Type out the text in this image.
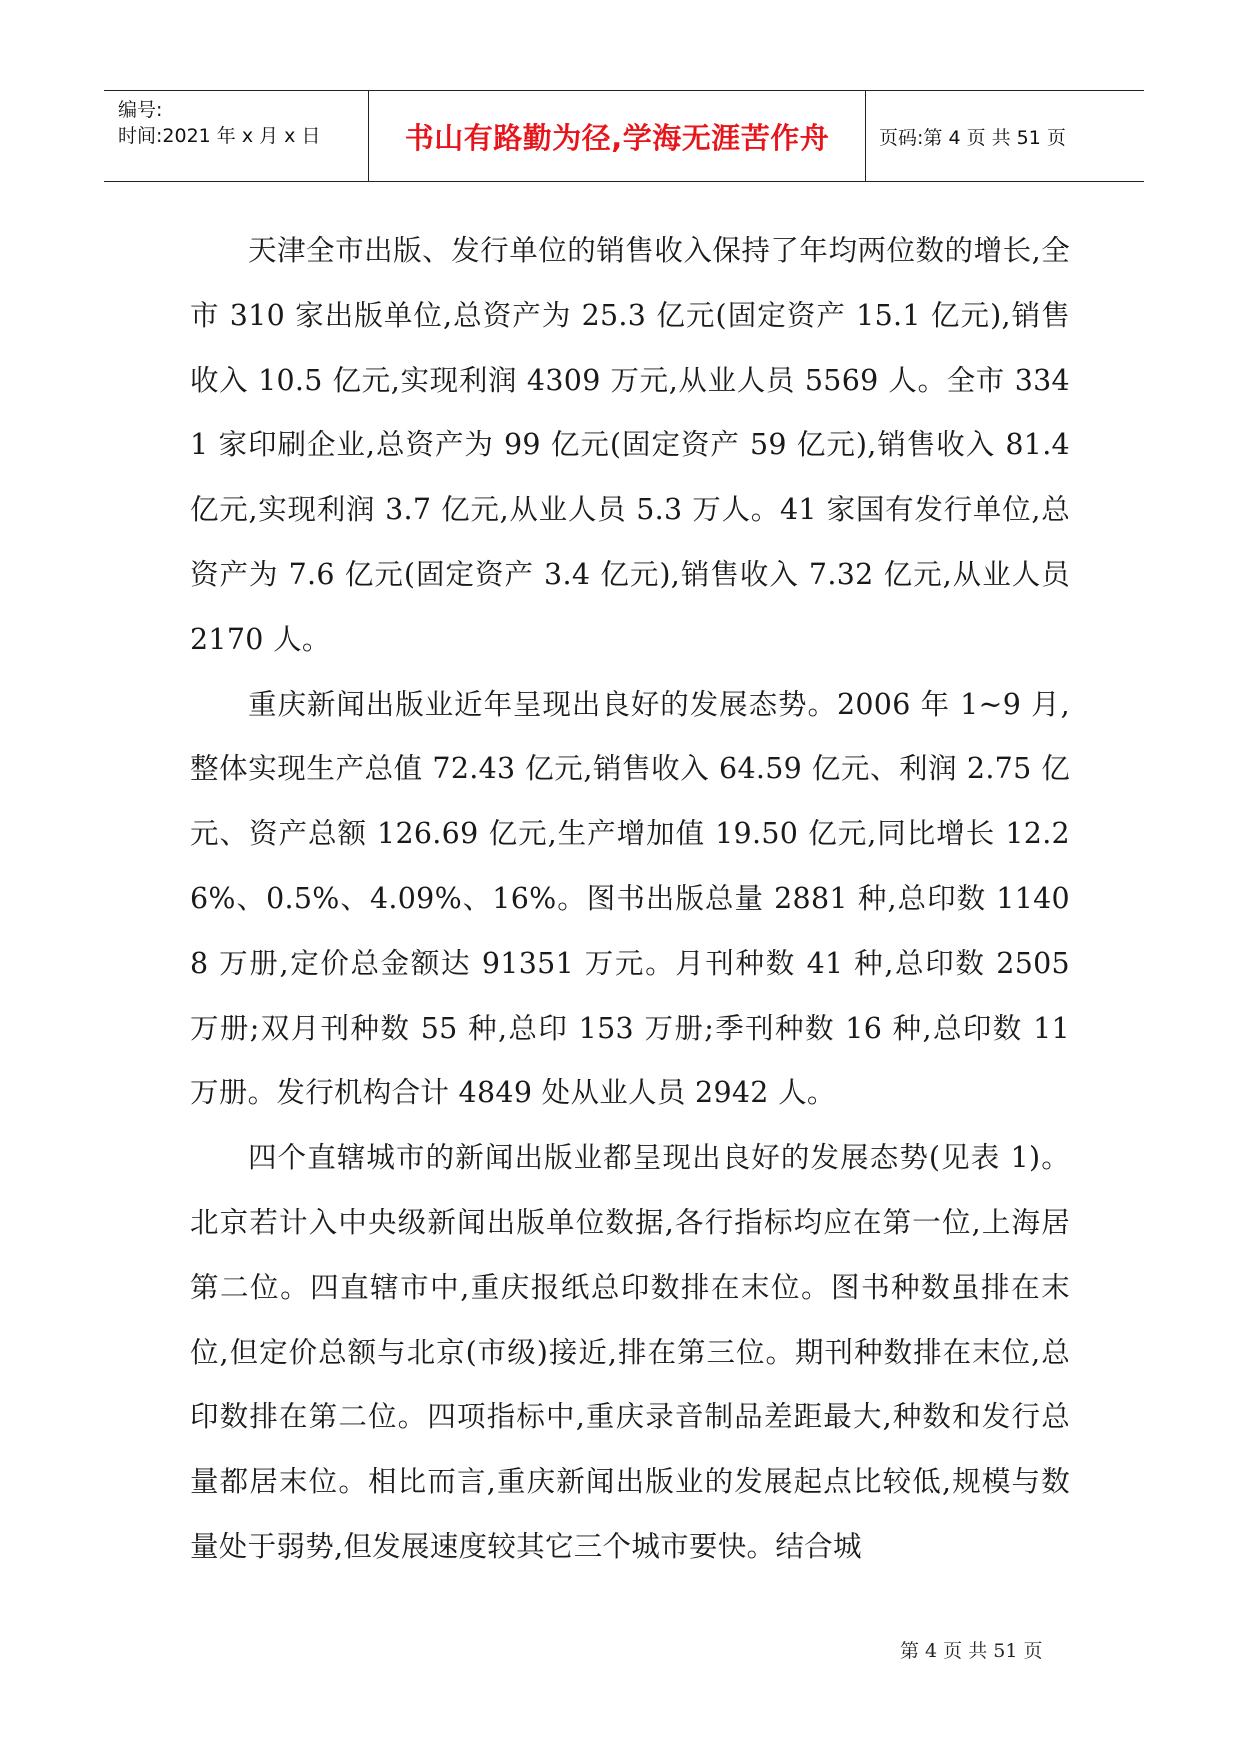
编号:
时间:2021 年 x 月 x 日	书山有路勤为径,学海无涯苦作舟	页码:第 4 页 共 51 页

天津全市出版、发行单位的销售收入保持了年均两位数的增长,全市 310 家出版单位,总资产为 25.3 亿元(固定资产 15.1 亿元),销售收入 10.5 亿元,实现利润 4309 万元,从业人员 5569 人。全市 3341 家印刷企业,总资产为 99 亿元(固定资产 59 亿元),销售收入 81.4 亿元,实现利润 3.7 亿元,从业人员 5.3 万人。41 家国有发行单位,总资产为 7.6 亿元(固定资产 3.4 亿元),销售收入 7.32 亿元,从业人员 2170 人。

重庆新闻出版业近年呈现出良好的发展态势。2006 年 1~9 月,整体实现生产总值 72.43 亿元,销售收入 64.59 亿元、利润 2.75 亿元、资产总额 126.69 亿元,生产增加值 19.50 亿元,同比增长 12.26%、0.5%、4.09%、16%。图书出版总量 2881 种,总印数 11408 万册,定价总金额达 91351 万元。月刊种数 41 种,总印数 2505 万册;双月刊种数 55 种,总印 153 万册;季刊种数 16 种,总印数 11 万册。发行机构合计 4849 处从业人员 2942 人。

四个直辖城市的新闻出版业都呈现出良好的发展态势(见表 1)。北京若计入中央级新闻出版单位数据,各行指标均应在第一位,上海居第二位。四直辖市中,重庆报纸总印数排在末位。图书种数虽排在末位,但定价总额与北京(市级)接近,排在第三位。期刊种数排在末位,总印数排在第二位。四项指标中,重庆录音制品差距最大,种数和发行总量都居末位。相比而言,重庆新闻出版业的发展起点比较低,规模与数量处于弱势,但发展速度较其它三个城市要快。结合城

第 4 页 共 51 页
